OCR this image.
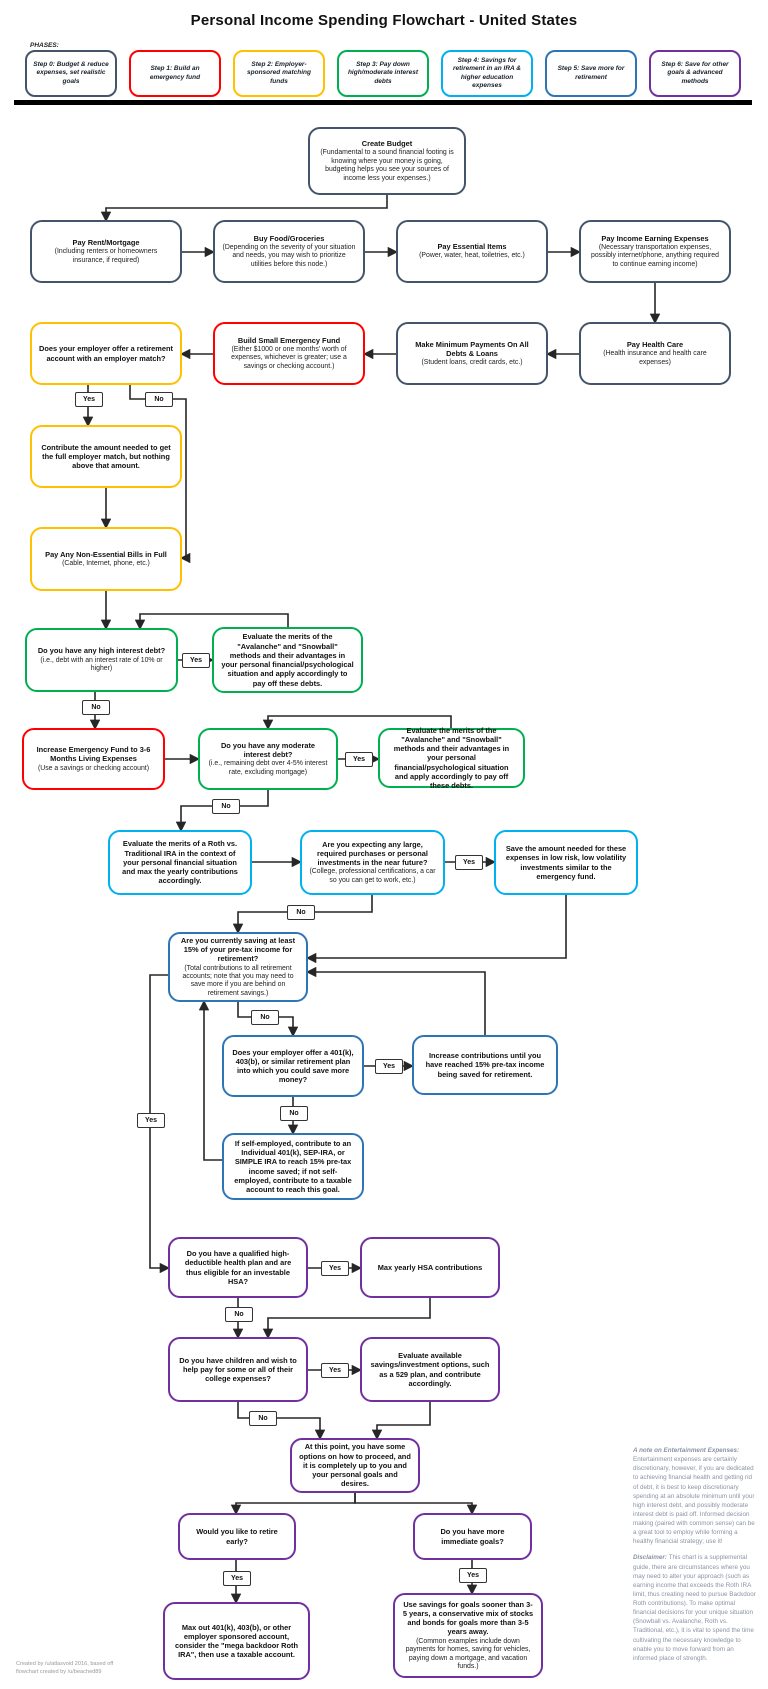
Personal Income Spending Flowchart - United States
PHASES:
Step 0: Budget & reduce expenses, set realistic goals
Step 1: Build an emergency fund
Step 2: Employer-sponsored matching funds
Step 3: Pay down high/moderate interest debts
Step 4: Savings for retirement in an IRA & higher education expenses
Step 5: Save more for retirement
Step 6: Save for other goals & advanced methods
Create Budget
(Fundamental to a sound financial footing is knowing where your money is going, budgeting helps you see your sources of income less your expenses.)
Pay Rent/Mortgage
(Including renters or homeowners insurance, if required)
Buy Food/Groceries
(Depending on the severity of your situation and needs, you may wish to prioritize utilities before this node.)
Pay Essential Items
(Power, water, heat, toiletries, etc.)
Pay Income Earning Expenses
(Necessary transportation expenses, possibly internet/phone, anything required to continue earning income)
Does your employer offer a retirement account with an employer match?
Build Small Emergency Fund
(Either $1000 or one months' worth of expenses, whichever is greater; use a savings or checking account.)
Make Minimum Payments On All Debts & Loans
(Student loans, credit cards, etc.)
Pay Health Care
(Health insurance and health care expenses)
Contribute the amount needed to get the full employer match, but nothing above that amount.
Pay Any Non-Essential Bills in Full
(Cable, Internet, phone, etc.)
Do you have any high interest debt?
(i.e., debt with an interest rate of 10% or higher)
Evaluate the merits of the "Avalanche" and "Snowball" methods and their advantages in your personal financial/psychological situation and apply accordingly to pay off these debts.
Increase Emergency Fund to 3-6 Months Living Expenses
(Use a savings or checking account)
Do you have any moderate interest debt?
(i.e., remaining debt over 4-5% interest rate, excluding mortgage)
Evaluate the merits of the "Avalanche" and "Snowball" methods and their advantages in your personal financial/psychological situation and apply accordingly to pay off these debts.
Evaluate the merits of a Roth vs. Traditional IRA in the context of your personal financial situation and max the yearly contributions accordingly.
Are you expecting any large, required purchases or personal investments in the near future?
(College, professional certifications, a car so you can get to work, etc.)
Save the amount needed for these expenses in low risk, low volatility investments similar to the emergency fund.
Are you currently saving at least 15% of your pre-tax income for retirement?
(Total contributions to all retirement accounts; note that you may need to save more if you are behind on retirement savings.)
Does your employer offer a 401(k), 403(b), or similar retirement plan into which you could save more money?
Increase contributions until you have reached 15% pre-tax income being saved for retirement.
If self-employed, contribute to an Individual 401(k), SEP-IRA, or SIMPLE IRA to reach 15% pre-tax income saved; if not self-employed, contribute to a taxable account to reach this goal.
Do you have a qualified high-deductible health plan and are thus eligible for an investable HSA?
Max yearly HSA contributions
Do you have children and wish to help pay for some or all of their college expenses?
Evaluate available savings/investment options, such as a 529 plan, and contribute accordingly.
At this point, you have some options on how to proceed, and it is completely up to you and your personal goals and desires.
Would you like to retire early?
Do you have more immediate goals?
Max out 401(k), 403(b), or other employer sponsored account, consider the "mega backdoor Roth IRA", then use a taxable account.
Use savings for goals sooner than 3-5 years, a conservative mix of stocks and bonds for goals more than 3-5 years away.
(Common examples include down payments for homes, saving for vehicles, paying down a mortgage, and vacation funds.)
Yes	No
Yes
No
Yes
No
Yes
No
No
Yes
No
Yes
Yes
No
Yes
No
Yes	Yes

A note on Entertainment Expenses: Entertainment expenses are certainly discretionary, however, if you are dedicated to achieving financial health and getting rid of debt, it is best to keep discretionary spending at an absolute minimum until your high interest debt, and possibly moderate interest debt is paid off. Informed decision making (paired with common sense) can be a great tool to employ while forming a healthy financial strategy; use it!

Disclaimer: This chart is a supplemental guide, there are circumstances where you may need to alter your approach (such as earning income that exceeds the Roth IRA limit, thus creating need to pursue Backdoor Roth contributions). To make optimal financial decisions for your unique situation (Snowball vs. Avalanche, Roth vs. Traditional, etc.), it is vital to spend the time cultivating the necessary knowledge to enable you to move forward from an informed place of strength.

Created by /u/atlasvoid 2016, based off
flowchart created by /u/beached89
